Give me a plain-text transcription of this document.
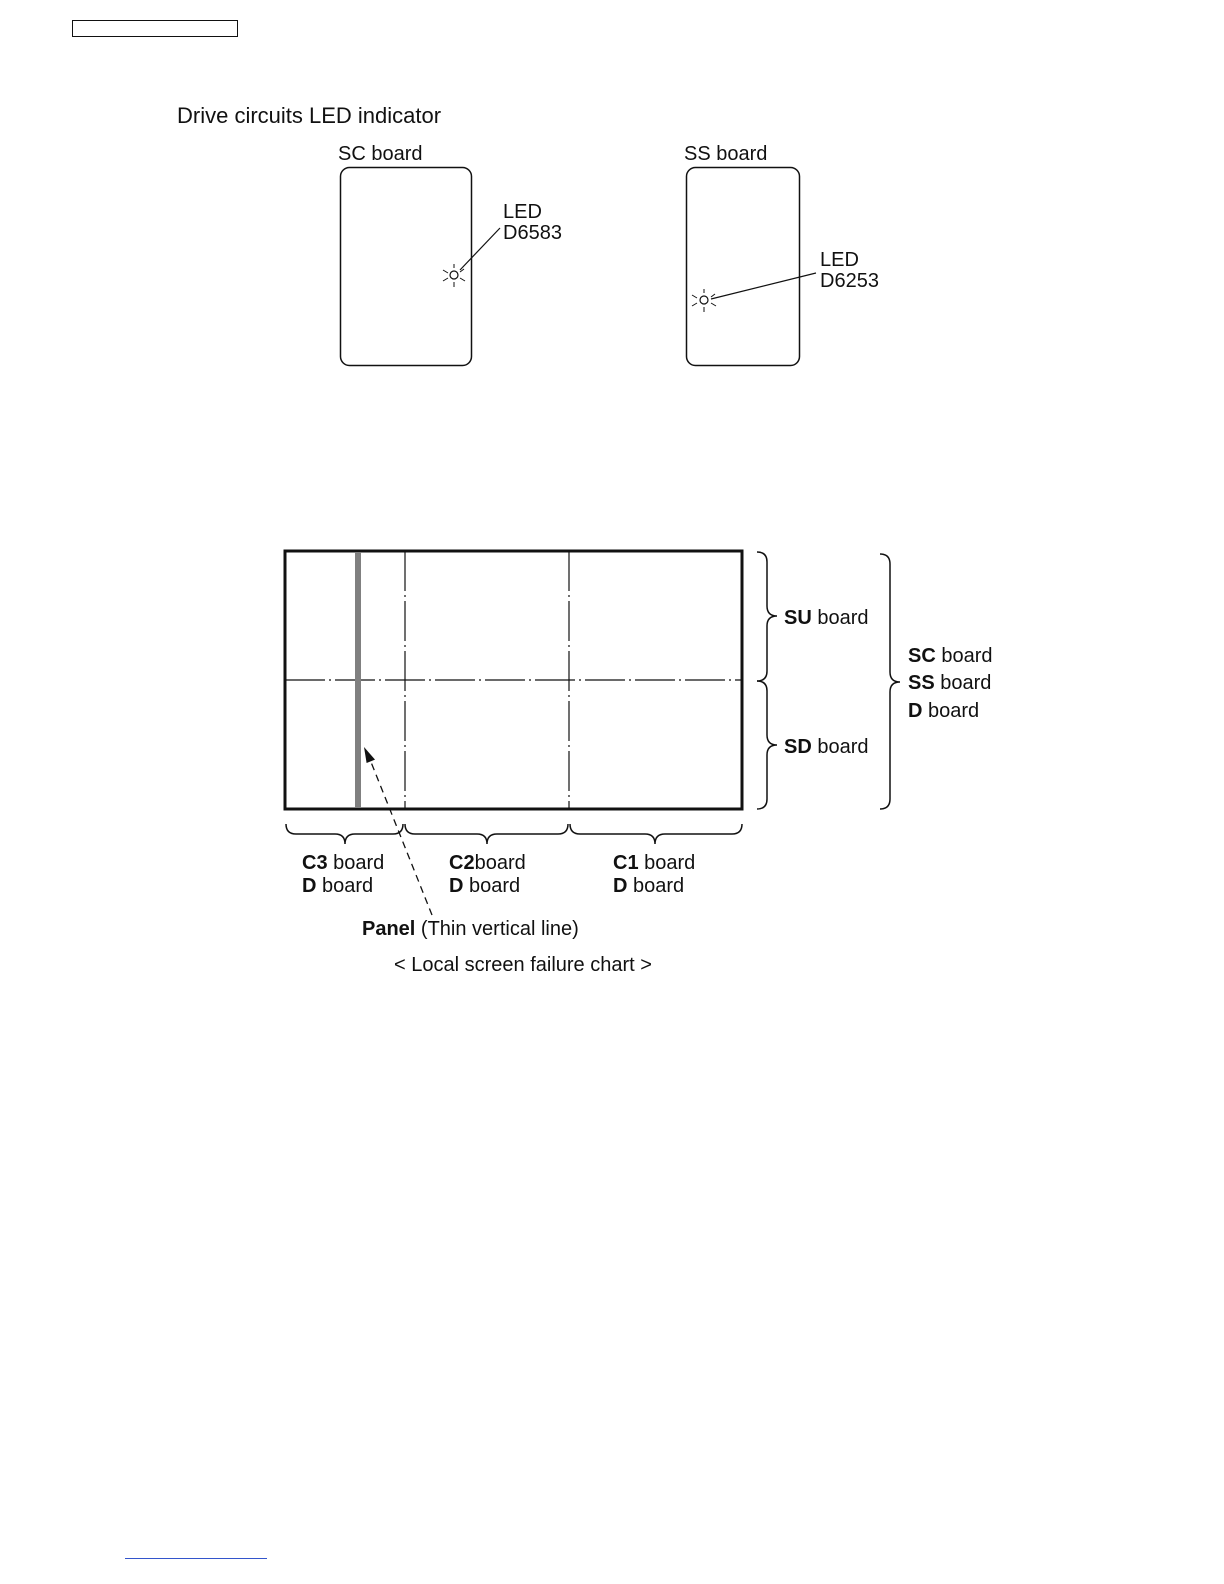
Drive circuits LED indicator
SC board
LED
D6583
SS board
LED
D6253
SU board
SD board
SC board
SS board
D board
C3 board
D board
C2board
D board
C1 board
D board
Panel (Thin vertical line)
< Local screen failure chart >
